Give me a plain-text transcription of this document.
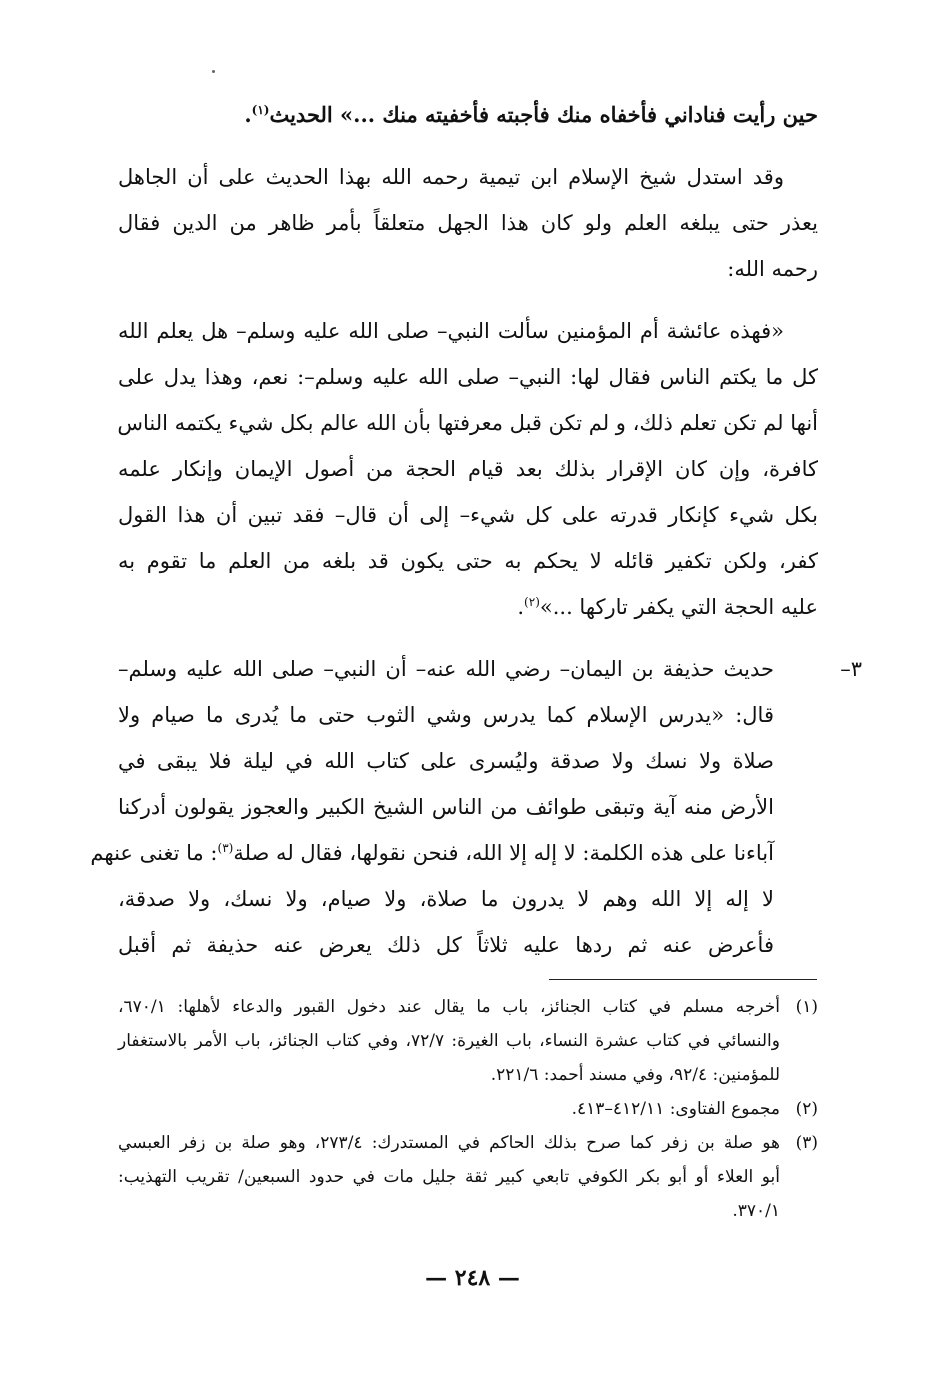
حين رأيت فناداني فأخفاه منك فأجبته فأخفيته منك ...» الحديث$^{(١)}$.
وقد استدل شيخ الإسلام ابن تيمية رحمه الله بهذا الحديث على أن الجاهل
يعذر حتى يبلغه العلم ولو كان هذا الجهل متعلقاً بأمر ظاهر من الدين فقال
رحمه الله:
«فهذه عائشة أم المؤمنين سألت النبي– صلى الله عليه وسلم– هل يعلم الله
كل ما يكتم الناس فقال لها: النبي– صلى الله عليه وسلم–: نعم، وهذا يدل على
أنها لم تكن تعلم ذلك، و لم تكن قبل معرفتها بأن الله عالم بكل شيء يكتمه الناس
كافرة، وإن كان الإقرار بذلك بعد قيام الحجة من أصول الإيمان وإنكار علمه
بكل شيء كإنكار قدرته على كل شيء– إلى أن قال– فقد تبين أن هذا القول
كفر، ولكن تكفير قائله لا يحكم به حتى يكون قد بلغه من العلم ما تقوم به
عليه الحجة التي يكفر تاركها ...»$^{(٢)}$.
٣–حديث حذيفة بن اليمان– رضي الله عنه– أن النبي– صلى الله عليه وسلم–
قال: «يدرس الإسلام كما يدرس وشي الثوب حتى ما يُدرى ما صيام ولا
صلاة ولا نسك ولا صدقة وليُسرى على كتاب الله في ليلة فلا يبقى في
الأرض منه آية وتبقى طوائف من الناس الشيخ الكبير والعجوز يقولون أدركنا
آباءنا على هذه الكلمة: لا إله إلا الله، فنحن نقولها، فقال له صلة$^{(٣)}$: ما تغنى عنهم
لا إله إلا الله وهم لا يدرون ما صلاة، ولا صيام، ولا نسك، ولا صدقة،
فأعرض عنه ثم ردها عليه ثلاثاً كل ذلك يعرض عنه حذيفة ثم أقبل
(١)أخرجه مسلم في كتاب الجنائز، باب ما يقال عند دخول القبور والدعاء لأهلها: ٦٧٠/١،
والنسائي في كتاب عشرة النساء، باب الغيرة: ٧٢/٧، وفي كتاب الجنائز، باب الأمر بالاستغفار
للمؤمنين: ٩٢/٤، وفي مسند أحمد: ٢٢١/٦.
(٢)مجموع الفتاوى: ٤١٢/١١–٤١٣.
(٣)هو صلة بن زفر كما صرح بذلك الحاكم في المستدرك: ٢٧٣/٤، وهو صلة بن زفر العبسي
أبو العلاء أو أبو بكر الكوفي تابعي كبير ثقة جليل مات في حدود السبعين/ تقريب التهذيب:
٣٧٠/١.
— ٢٤٨ —
